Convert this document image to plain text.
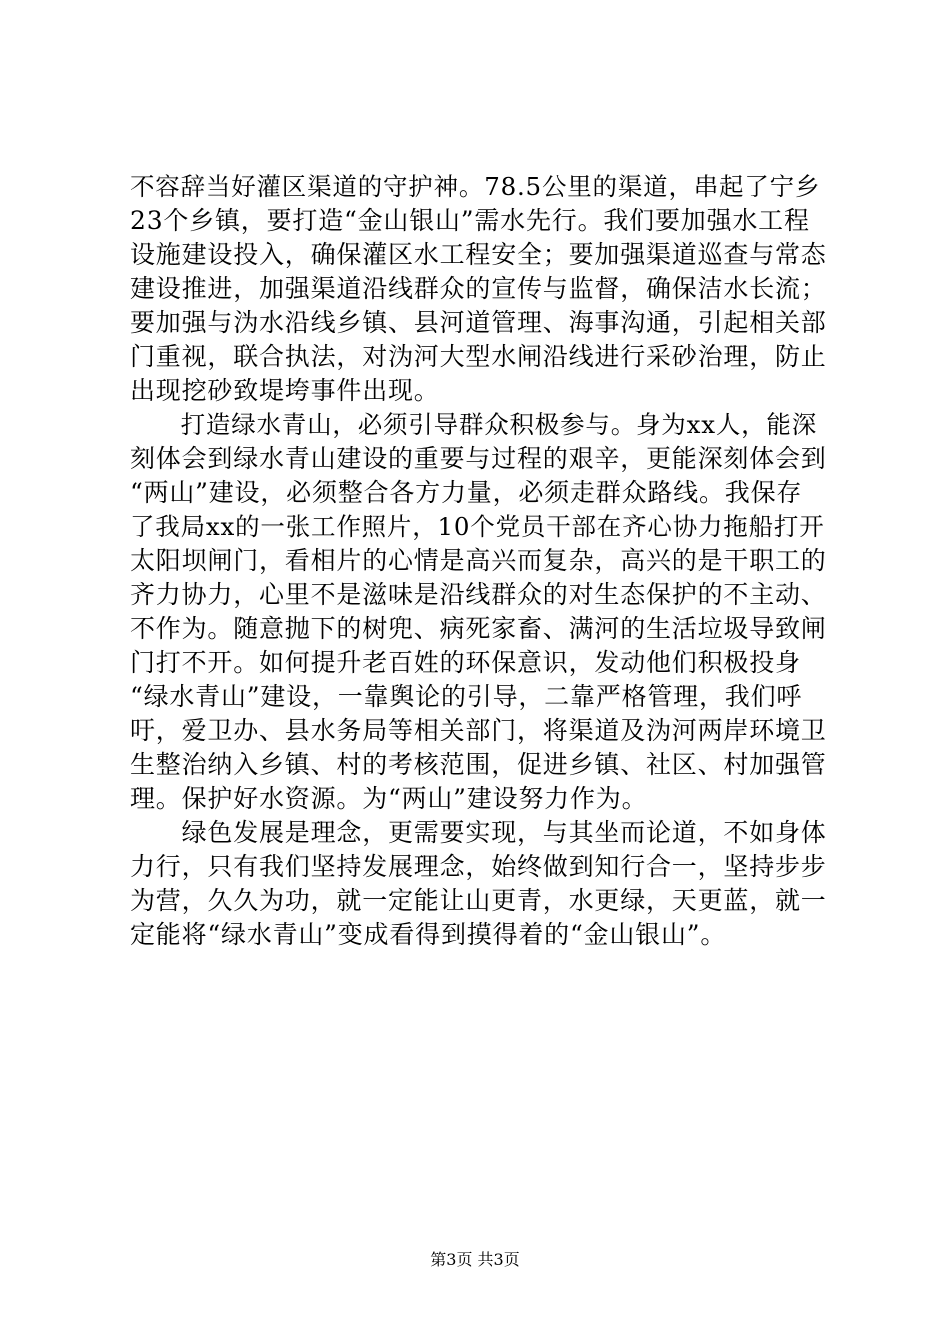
不容辞当好灌区渠道的守护神。78.5公里的渠道，串起了宁乡
23个乡镇，要打造“金山银山”需水先行。我们要加强水工程
设施建设投入，确保灌区水工程安全；要加强渠道巡查与常态
建设推进，加强渠道沿线群众的宣传与监督，确保洁水长流；
要加强与沩水沿线乡镇、县河道管理、海事沟通，引起相关部
门重视，联合执法，对沩河大型水闸沿线进行采砂治理，防止
出现挖砂致堤垮事件出现。
　　打造绿水青山，必须引导群众积极参与。身为xx人，能深
刻体会到绿水青山建设的重要与过程的艰辛，更能深刻体会到
“两山”建设，必须整合各方力量，必须走群众路线。我保存
了我局xx的一张工作照片，10个党员干部在齐心协力拖船打开
太阳坝闸门，看相片的心情是高兴而复杂，高兴的是干职工的
齐力协力，心里不是滋味是沿线群众的对生态保护的不主动、
不作为。随意抛下的树兜、病死家畜、满河的生活垃圾导致闸
门打不开。如何提升老百姓的环保意识，发动他们积极投身
“绿水青山”建设，一靠舆论的引导，二靠严格管理，我们呼
吁，爱卫办、县水务局等相关部门，将渠道及沩河两岸环境卫
生整治纳入乡镇、村的考核范围，促进乡镇、社区、村加强管
理。保护好水资源。为“两山”建设努力作为。
　　绿色发展是理念，更需要实现，与其坐而论道，不如身体
力行，只有我们坚持发展理念，始终做到知行合一，坚持步步
为营，久久为功，就一定能让山更青，水更绿，天更蓝，就一
定能将“绿水青山”变成看得到摸得着的“金山银山”。
第3页 共3页
